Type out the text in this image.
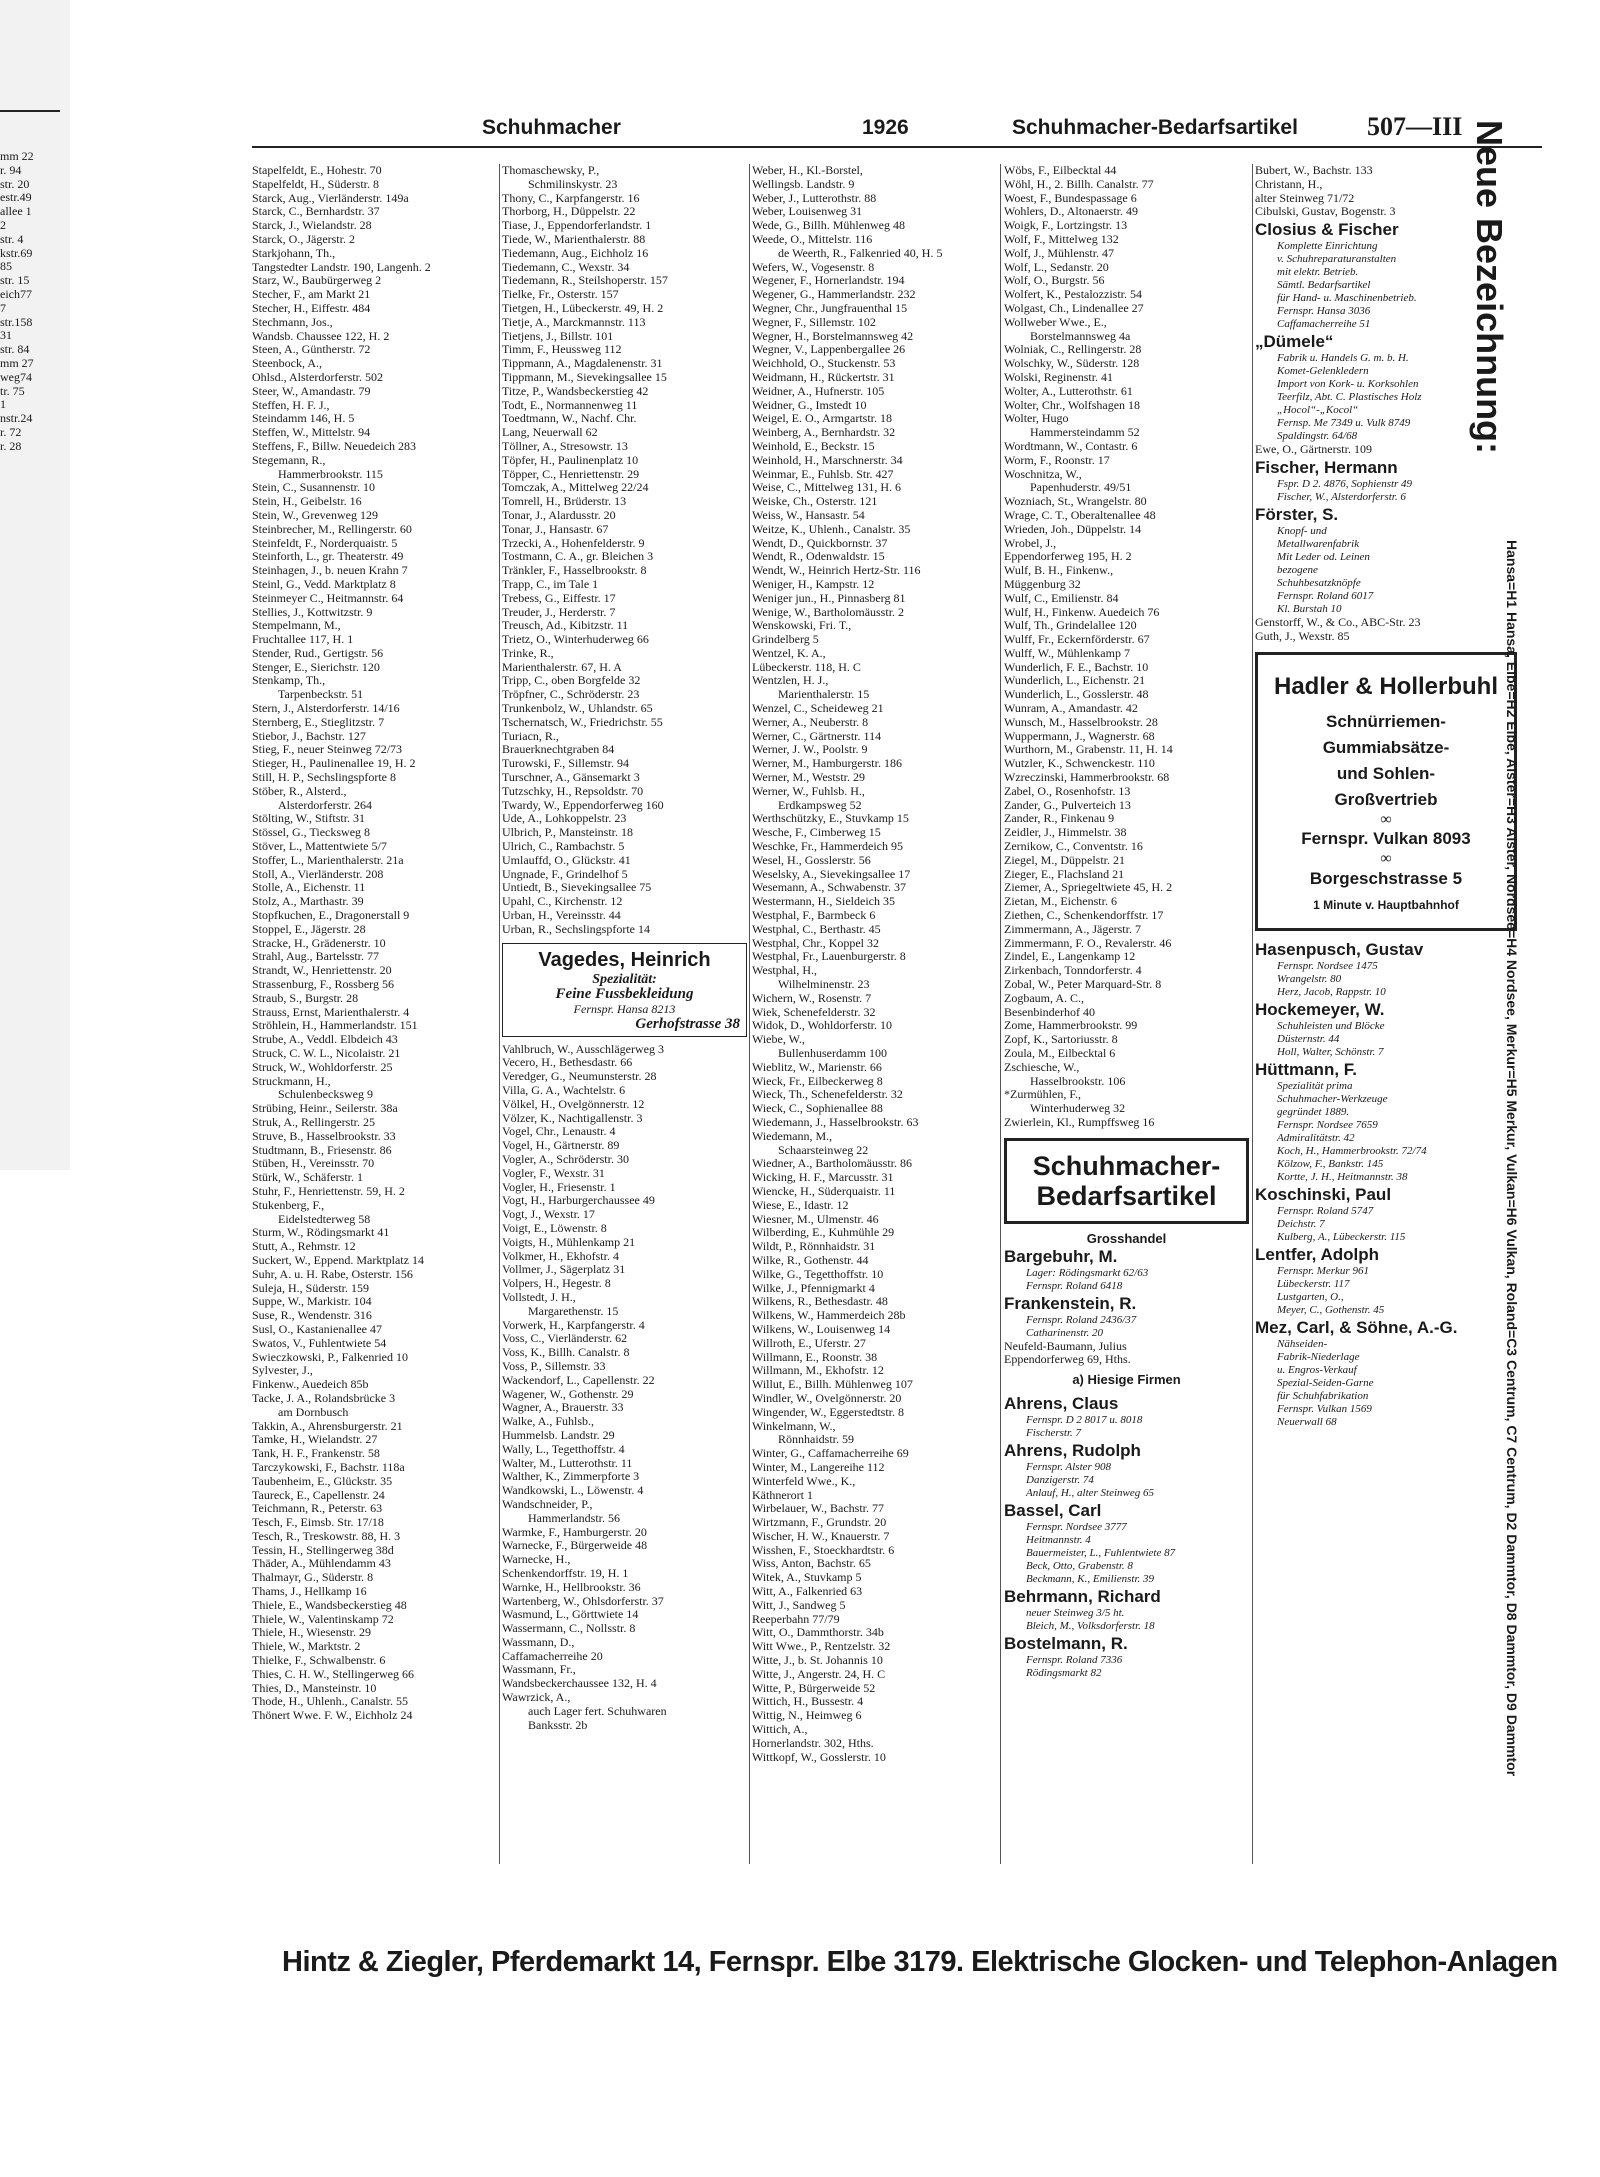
mm 22
r. 94
str. 20
estr.49
allee 1
2
str. 4
kstr.69
85
str. 15
eich77
7
str.158
31
str. 84
mm 27
weg74
tr. 75
1
nstr.24
r. 72
r. 28
Schuhmacher	1926	Schuhmacher-Bedarfsartikel	507—III
Stapelfeldt, E., Hohestr. 70
Stapelfeldt, H., Süderstr. 8
Starck, Aug., Vierländerstr. 149a
Starck, C., Bernhardstr. 37
Starck, J., Wielandstr. 28
Starck, O., Jägerstr. 2
Starkjohann, Th.,
Tangstedter Landstr. 190, Langenh. 2
Starz, W., Baubürgerweg 2
Stecher, F., am Markt 21
Stecher, H., Eiffestr. 484
Stechmann, Jos.,
Wandsb. Chaussee 122, H. 2
Steen, A., Güntherstr. 72
Steenbock, A.,
Ohlsd., Alsterdorferstr. 502
Steer, W., Amandastr. 79
Steffen, H. F. J.,
Steindamm 146, H. 5
Steffen, W., Mittelstr. 94
Steffens, F., Billw. Neuedeich 283
Stegemann, R.,
Hammerbrookstr. 115
Stein, C., Susannenstr. 10
Stein, H., Geibelstr. 16
Stein, W., Grevenweg 129
Steinbrecher, M., Rellingerstr. 60
Steinfeldt, F., Norderquaistr. 5
Steinforth, L., gr. Theaterstr. 49
Steinhagen, J., b. neuen Krahn 7
Steinl, G., Vedd. Marktplatz 8
Steinmeyer C., Heitmannstr. 64
Stellies, J., Kottwitzstr. 9
Stempelmann, M.,
Fruchtallee 117, H. 1
Stender, Rud., Gertigstr. 56
Stenger, E., Sierichstr. 120
Stenkamp, Th.,
Tarpenbeckstr. 51
Stern, J., Alsterdorferstr. 14/16
Sternberg, E., Stieglitzstr. 7
Stiebor, J., Bachstr. 127
Stieg, F., neuer Steinweg 72/73
Stieger, H., Paulinenallee 19, H. 2
Still, H. P., Sechslingspforte 8
Stöber, R., Alsterd.,
Alsterdorferstr. 264
Stölting, W., Stiftstr. 31
Stössel, G., Tiecksweg 8
Stöver, L., Mattentwiete 5/7
Stoffer, L., Marienthalerstr. 21a
Stoll, A., Vierländerstr. 208
Stolle, A., Eichenstr. 11
Stolz, A., Marthastr. 39
Stopfkuchen, E., Dragonerstall 9
Stoppel, E., Jägerstr. 28
Stracke, H., Grädenerstr. 10
Strahl, Aug., Bartelsstr. 77
Strandt, W., Henriettenstr. 20
Strassenburg, F., Rossberg 56
Straub, S., Burgstr. 28
Strauss, Ernst, Marienthalerstr. 4
Ströhlein, H., Hammerlandstr. 151
Strube, A., Veddl. Elbdeich 43
Struck, C. W. L., Nicolaistr. 21
Struck, W., Wohldorferstr. 25
Struckmann, H.,
Schulenbecksweg 9
Strübing, Heinr., Seilerstr. 38a
Struk, A., Rellingerstr. 25
Struve, B., Hasselbrookstr. 33
Studtmann, B., Friesenstr. 86
Stüben, H., Vereinsstr. 70
Stürk, W., Schäferstr. 1
Stuhr, F., Henriettenstr. 59, H. 2
Stukenberg, F.,
Eidelstedterweg 58
Sturm, W., Rödingsmarkt 41
Stutt, A., Rehmstr. 12
Suckert, W., Eppend. Marktplatz 14
Suhr, A. u. H. Rabe, Osterstr. 156
Suleja, H., Süderstr. 159
Suppe, W., Markistr. 104
Suse, R., Wendenstr. 316
Susl, O., Kastanienallee 47
Swatos, V., Fuhlentwiete 54
Swieczkowski, P., Falkenried 10
Sylvester, J.,
Finkenw., Auedeich 85b
Tacke, J. A., Rolandsbrücke 3
am Dornbusch
Takkin, A., Ahrensburgerstr. 21
Tamke, H., Wielandstr. 27
Tank, H. F., Frankenstr. 58
Tarczykowski, F., Bachstr. 118a
Taubenheim, E., Glückstr. 35
Taureck, E., Capellenstr. 24
Teichmann, R., Peterstr. 63
Tesch, F., Eimsb. Str. 17/18
Tesch, R., Treskowstr. 88, H. 3
Tessin, H., Stellingerweg 38d
Thäder, A., Mühlendamm 43
Thalmayr, G., Süderstr. 8
Thams, J., Hellkamp 16
Thiele, E., Wandsbeckerstieg 48
Thiele, W., Valentinskamp 72
Thiele, H., Wiesenstr. 29
Thiele, W., Marktstr. 2
Thielke, F., Schwalbenstr. 6
Thies, C. H. W., Stellingerweg 66
Thies, D., Mansteinstr. 10
Thode, H., Uhlenh., Canalstr. 55
Thönert Wwe. F. W., Eichholz 24
Thomaschewsky, P.,
Schmilinskystr. 23
Thony, C., Karpfangerstr. 16
Thorborg, H., Düppelstr. 22
Tiase, J., Eppendorferlandstr. 1
Tiede, W., Marienthalerstr. 88
Tiedemann, Aug., Eichholz 16
Tiedemann, C., Wexstr. 34
Tiedemann, R., Steilshoperstr. 157
Tielke, Fr., Osterstr. 157
Tietgen, H., Lübeckerstr. 49, H. 2
Tietje, A., Marckmannstr. 113
Tietjens, J., Billstr. 101
Timm, F., Heussweg 112
Tippmann, A., Magdalenenstr. 31
Tippmann, M., Sievekingsallee 15
Titze, P., Wandsbeckerstieg 42
Todt, E., Normannenweg 11
Toedtmann, W., Nachf. Chr.
Lang, Neuerwall 62
Töllner, A., Stresowstr. 13
Töpfer, H., Paulinenplatz 10
Töpper, C., Henriettenstr. 29
Tomczak, A., Mittelweg 22/24
Tomrell, H., Brüderstr. 13
Tonar, J., Alardusstr. 20
Tonar, J., Hansastr. 67
Trzecki, A., Hohenfelderstr. 9
Tostmann, C. A., gr. Bleichen 3
Tränkler, F., Hasselbrookstr. 8
Trapp, C., im Tale 1
Trebess, G., Eiffestr. 17
Treuder, J., Herderstr. 7
Treusch, Ad., Kibitzstr. 11
Trietz, O., Winterhuderweg 66
Trinke, R.,
Marienthalerstr. 67, H. A
Tripp, C., oben Borgfelde 32
Tröpfner, C., Schröderstr. 23
Trunkenbolz, W., Uhlandstr. 65
Tschernatsch, W., Friedrichstr. 55
Turiacn, R.,
Brauerknechtgraben 84
Turowski, F., Sillemstr. 94
Turschner, A., Gänsemarkt 3
Tutzschky, H., Repsoldstr. 70
Twardy, W., Eppendorferweg 160
Ude, A., Lohkoppelstr. 23
Ulbrich, P., Mansteinstr. 18
Ulrich, C., Rambachstr. 5
Umlauffd, O., Glückstr. 41
Ungnade, F., Grindelhof 5
Untiedt, B., Sievekingsallee 75
Upahl, C., Kirchenstr. 12
Urban, H., Vereinsstr. 44
Urban, R., Sechslingspforte 14
Vagedes, Heinrich
Spezialität:
Feine Fussbekleidung
Fernspr. Hansa 8213
Gerhofstrasse 38
Vahlbruch, W., Ausschlägerweg 3
Vecero, H., Bethesdastr. 66
Veredger, G., Neumunsterstr. 28
Villa, G. A., Wachtelstr. 6
Völkel, H., Ovelgönnerstr. 12
Völzer, K., Nachtigallenstr. 3
Vogel, Chr., Lenaustr. 4
Vogel, H., Gärtnerstr. 89
Vogler, A., Schröderstr. 30
Vogler, F., Wexstr. 31
Vogler, H., Friesenstr. 1
Vogt, H., Harburgerchaussee 49
Vogt, J., Wexstr. 17
Voigt, E., Löwenstr. 8
Voigts, H., Mühlenkamp 21
Volkmer, H., Ekhofstr. 4
Vollmer, J., Sägerplatz 31
Volpers, H., Hegestr. 8
Vollstedt, J. H.,
Margarethenstr. 15
Vorwerk, H., Karpfangerstr. 4
Voss, C., Vierländerstr. 62
Voss, K., Billh. Canalstr. 8
Voss, P., Sillemstr. 33
Wackendorf, L., Capellenstr. 22
Wagener, W., Gothenstr. 29
Wagner, A., Brauerstr. 33
Walke, A., Fuhlsb.,
Hummelsb. Landstr. 29
Wally, L., Tegetthoffstr. 4
Walter, M., Lutterothstr. 11
Walther, K., Zimmerpforte 3
Wandkowski, L., Löwenstr. 4
Wandschneider, P.,
Hammerlandstr. 56
Warmke, F., Hamburgerstr. 20
Warnecke, F., Bürgerweide 48
Warnecke, H.,
Schenkendorffstr. 19, H. 1
Warnke, H., Hellbrookstr. 36
Wartenberg, W., Ohlsdorferstr. 37
Wasmund, L., Görttwiete 14
Wassermann, C., Nollsstr. 8
Wassmann, D.,
Caffamacherreihe 20
Wassmann, Fr.,
Wandsbeckerchaussee 132, H. 4
Wawrzick, A.,
auch Lager fert. Schuhwaren
Banksstr. 2b
Weber, H., Kl.-Borstel,
Wellingsb. Landstr. 9
Weber, J., Lutterothstr. 88
Weber, Louisenweg 31
Wede, G., Billh. Mühlenweg 48
Weede, O., Mittelstr. 116
de Weerth, R., Falkenried 40, H. 5
Wefers, W., Vogesenstr. 8
Wegener, F., Hornerlandstr. 194
Wegener, G., Hammerlandstr. 232
Wegner, Chr., Jungfrauenthal 15
Wegner, F., Sillemstr. 102
Wegner, H., Borstelmannsweg 42
Wegner, V., Lappenbergallee 26
Weichhold, O., Stuckenstr. 53
Weidmann, H., Rückertstr. 31
Weidner, A., Hufnerstr. 105
Weidner, G., Imstedt 10
Weigel, E. O., Armgartstr. 18
Weinberg, A., Bernhardstr. 32
Weinhold, E., Beckstr. 15
Weinhold, H., Marschnerstr. 34
Weinmar, E., Fuhlsb. Str. 427
Weise, C., Mittelweg 131, H. 6
Weiske, Ch., Osterstr. 121
Weiss, W., Hansastr. 54
Weitze, K., Uhlenh., Canalstr. 35
Wendt, D., Quickbornstr. 37
Wendt, R., Odenwaldstr. 15
Wendt, W., Heinrich Hertz-Str. 116
Weniger, H., Kampstr. 12
Weniger jun., H., Pinnasberg 81
Wenige, W., Bartholomäusstr. 2
Wenskowski, Fri. T.,
Grindelberg 5
Wentzel, K. A.,
Lübeckerstr. 118, H. C
Wentzlen, H. J.,
Marienthalerstr. 15
Wenzel, C., Scheideweg 21
Werner, A., Neuberstr. 8
Werner, C., Gärtnerstr. 114
Werner, J. W., Poolstr. 9
Werner, M., Hamburgerstr. 186
Werner, M., Weststr. 29
Werner, W., Fuhlsb. H.,
Erdkampsweg 52
Werthschützky, E., Stuvkamp 15
Wesche, F., Cimberweg 15
Weschke, Fr., Hammerdeich 95
Wesel, H., Gosslerstr. 56
Weselsky, A., Sievekingsallee 17
Wesemann, A., Schwabenstr. 37
Westermann, H., Sieldeich 35
Westphal, F., Barmbeck 6
Westphal, C., Berthastr. 45
Westphal, Chr., Koppel 32
Westphal, Fr., Lauenburgerstr. 8
Westphal, H.,
Wilhelminenstr. 23
Wichern, W., Rosenstr. 7
Wiek, Schenefelderstr. 32
Widok, D., Wohldorferstr. 10
Wiebe, W.,
Bullenhuserdamm 100
Wieblitz, W., Marienstr. 66
Wieck, Fr., Eilbeckerweg 8
Wieck, Th., Schenefelderstr. 32
Wieck, C., Sophienallee 88
Wiedemann, J., Hasselbrookstr. 63
Wiedemann, M.,
Schaarsteinweg 22
Wiedner, A., Bartholomäusstr. 86
Wicking, H. F., Marcusstr. 31
Wiencke, H., Süderquaistr. 11
Wiese, E., Idastr. 12
Wiesner, M., Ulmenstr. 46
Wilberding, E., Kuhmühle 29
Wildt, P., Rönnhaidstr. 31
Wilke, R., Gothenstr. 44
Wilke, G., Tegetthoffstr. 10
Wilke, J., Pfennigmarkt 4
Wilkens, R., Bethesdastr. 48
Wilkens, W., Hammerdeich 28b
Wilkens, W., Louisenweg 14
Willroth, E., Uferstr. 27
Willmann, E., Roonstr. 38
Willmann, M., Ekhofstr. 12
Willut, E., Billh. Mühlenweg 107
Windler, W., Ovelgönnerstr. 20
Wingender, W., Eggerstedtstr. 8
Winkelmann, W.,
Rönnhaidstr. 59
Winter, G., Caffamacherreihe 69
Winter, M., Langereihe 112
Winterfeld Wwe., K.,
Käthnerort 1
Wirbelauer, W., Bachstr. 77
Wirtzmann, F., Grundstr. 20
Wischer, H. W., Knauerstr. 7
Wisshen, F., Stoeckhardtstr. 6
Wiss, Anton, Bachstr. 65
Witek, A., Stuvkamp 5
Witt, A., Falkenried 63
Witt, J., Sandweg 5
Reeperbahn 77/79
Witt, O., Dammthorstr. 34b
Witt Wwe., P., Rentzelstr. 32
Witte, J., b. St. Johannis 10
Witte, J., Angerstr. 24, H. C
Witte, P., Bürgerweide 52
Wittich, H., Bussestr. 4
Wittig, N., Heimweg 6
Wittich, A.,
Hornerlandstr. 302, Hths.
Wittkopf, W., Gosslerstr. 10
Wöbs, F., Eilbecktal 44
Wöhl, H., 2. Billh. Canalstr. 77
Woest, F., Bundespassage 6
Wohlers, D., Altonaerstr. 49
Woigk, F., Lortzingstr. 13
Wolf, F., Mittelweg 132
Wolf, J., Mühlenstr. 47
Wolf, L., Sedanstr. 20
Wolf, O., Burgstr. 56
Wolfert, K., Pestalozzistr. 54
Wolgast, Ch., Lindenallee 27
Wollweber Wwe., E.,
Borstelmannsweg 4a
Wolniak, C., Rellingerstr. 28
Wolschky, W., Süderstr. 128
Wolski, Reginenstr. 41
Wolter, A., Lutterothstr. 61
Wolter, Chr., Wolfshagen 18
Wolter, Hugo
Hammersteindamm 52
Wordtmann, W., Contastr. 6
Worm, F., Roonstr. 17
Woschnitza, W.,
Papenhuderstr. 49/51
Wozniach, St., Wrangelstr. 80
Wrage, C. T., Oberaltenallee 48
Wrieden, Joh., Düppelstr. 14
Wrobel, J.,
Eppendorferweg 195, H. 2
Wulf, B. H., Finkenw.,
Müggenburg 32
Wulf, C., Emilienstr. 84
Wulf, H., Finkenw. Auedeich 76
Wulf, Th., Grindelallee 120
Wulff, Fr., Eckernförderstr. 67
Wulff, W., Mühlenkamp 7
Wunderlich, F. E., Bachstr. 10
Wunderlich, L., Eichenstr. 21
Wunderlich, L., Gosslerstr. 48
Wunram, A., Amandastr. 42
Wunsch, M., Hasselbrookstr. 28
Wuppermann, J., Wagnerstr. 68
Wurthorn, M., Grabenstr. 11, H. 14
Wutzler, K., Schwenckestr. 110
Wzreczinski, Hammerbrookstr. 68
Zabel, O., Rosenhofstr. 13
Zander, G., Pulverteich 13
Zander, R., Finkenau 9
Zeidler, J., Himmelstr. 38
Zernikow, C., Conventstr. 16
Ziegel, M., Düppelstr. 21
Zieger, E., Flachsland 21
Ziemer, A., Spriegeltwiete 45, H. 2
Zietan, M., Eichenstr. 6
Ziethen, C., Schenkendorffstr. 17
Zimmermann, A., Jägerstr. 7
Zimmermann, F. O., Revalerstr. 46
Zindel, E., Langenkamp 12
Zirkenbach, Tonndorferstr. 4
Zobal, W., Peter Marquard-Str. 8
Zogbaum, A. C.,
Besenbinderhof 40
Zome, Hammerbrookstr. 99
Zopf, K., Sartoriusstr. 8
Zoula, M., Eilbecktal 6
Zschiesche, W.,
Hasselbrookstr. 106
*Zurmühlen, F.,
Winterhuderweg 32
Zwierlein, Kl., Rumpffsweg 16
Schuhmacher-
Bedarfsartikel
Grosshandel
Bargebuhr, M.
Lager: Rödingsmarkt 62/63
Fernspr. Roland 6418
Frankenstein, R.
Fernspr. Roland 2436/37
Catharinenstr. 20
Neufeld-Baumann, Julius
Eppendorferweg 69, Hths.
a) Hiesige Firmen
Ahrens, Claus
Fernspr. D 2 8017 u. 8018
Fischerstr. 7
Ahrens, Rudolph
Fernspr. Alster 908
Danzigerstr. 74
Anlauf, H., alter Steinweg 65
Bassel, Carl
Fernspr. Nordsee 3777
Heitmannstr. 4
Bauermeister, L., Fuhlentwiete 87
Beck, Otto, Grabenstr. 8
Beckmann, K., Emilienstr. 39
Behrmann, Richard
neuer Steinweg 3/5 ht.
Bleich, M., Volksdorferstr. 18
Bostelmann, R.
Fernspr. Roland 7336
Rödingsmarkt 82
Bubert, W., Bachstr. 133
Christann, H.,
alter Steinweg 71/72
Cibulski, Gustav, Bogenstr. 3
Closius & Fischer
Komplette Einrichtung
v. Schuhreparaturanstalten
mit elektr. Betrieb.
Sämtl. Bedarfsartikel
für Hand- u. Maschinenbetrieb.
Fernspr. Hansa 3036
Caffamacherreihe 51
„Dümele“
Fabrik u. Handels G. m. b. H.
Komet-Gelenkledern
Import von Kork- u. Korksohlen
Teerfilz, Abt. C. Plastisches Holz
„Hocol“-„Kocol“
Fernsp. Me 7349 u. Vulk 8749
Spaldingstr. 64/68
Ewe, O., Gärtnerstr. 109
Fischer, Hermann
Fspr. D 2. 4876, Sophienstr 49
Fischer, W., Alsterdorferstr. 6
Förster, S.
Knopf- und
Metallwarenfabrik
Mit Leder od. Leinen
bezogene
Schuhbesatzknöpfe
Fernspr. Roland 6017
Kl. Burstah 10
Genstorff, W., & Co., ABC-Str. 23
Guth, J., Wexstr. 85
Hadler & Hollerbuhl
Schnürriemen-
Gummiabsätze-
und Sohlen-
Großvertrieb
∞
Fernspr. Vulkan 8093
∞
Borgeschstrasse 5
1 Minute v. Hauptbahnhof
Hasenpusch, Gustav
Fernspr. Nordsee 1475
Wrangelstr. 80
Herz, Jacob, Rappstr. 10
Hockemeyer, W.
Schuhleisten und Blöcke
Düsternstr. 44
Holl, Walter, Schönstr. 7
Hüttmann, F.
Spezialität prima
Schuhmacher-Werkzeuge
gegründet 1889.
Fernspr. Nordsee 7659
Admiralitätstr. 42
Koch, H., Hammerbrookstr. 72/74
Kölzow, F., Bankstr. 145
Kortte, J. H., Heitmannstr. 38
Koschinski, Paul
Fernspr. Roland 5747
Deichstr. 7
Kulberg, A., Lübeckerstr. 115
Lentfer, Adolph
Fernspr. Merkur 961
Lübeckerstr. 117
Lustgarten, O.,
Meyer, C., Gothenstr. 45
Mez, Carl, & Söhne, A.-G.
Nähseiden-
Fabrik-Niederlage
u. Engros-Verkauf
Spezial-Seiden-Garne
für Schuhfabrikation
Fernspr. Vulkan 1569
Neuerwall 68
Hintz & Ziegler, Pferdemarkt 14, Fernspr. Elbe 3179. Elektrische Glocken- und Telephon-Anlagen
Neue Bezeichnung:
Hansa=H1 Hansa, Elbe=H2 Elbe, Alster=H3 Alster, Nordsee=H4 Nordsee, Merkur=H5 Merkur, Vulkan=H6 Vulkan, Roland=C3 Centrum, C7 Centrum, D2 Dammtor, D8 Dammtor, D9 Dammtor
